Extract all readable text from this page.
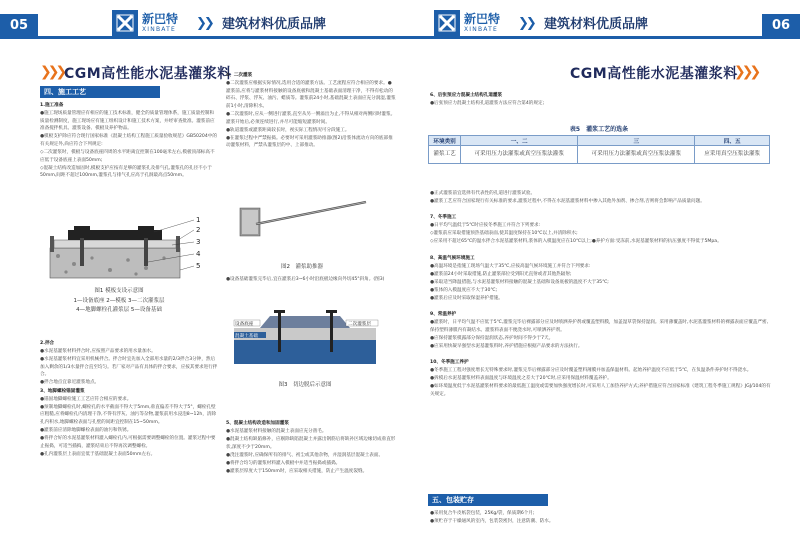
05	新巴特
XINBATE ❯❯ 建筑材料优质品牌
❯❯❯ CGM高性能水泥基灌浆料
四、施工工艺

1.施工准备

●施工现场质量管理应有相应的施工技术标准，健全的质量管理体系，施工质量控制和质量检测制度，施工现场应有施工组织设计和施工技术方案，并经审查批准。灌浆前应准备搅拌机具、灌浆设备、模板及养护物品。

●模板支护除应符合现行国家标准《混凝土结构工程施工质量验收规范》GB50204中的有关规定外,尚应符合下列规定:

◇二次灌浆时，模板与设备底座四周的水平距离宜控制在100毫米左右,模板顶部标高不应低于设备底座上表面50mm;

◇混凝土结构改造加固时,模板支护应按有足够的灌浆孔及排气孔,灌浆孔的孔径不小于50mm,间距不超过100mm,灌浆孔与排气孔应高于孔洞最高点50mm。

1
2
3
4
5
图1 模板支设示意图
1—设备底座 2—模板 3—二次灌浆层
4—地脚螺栓孔灌浆层 5—设备基础

2.拌合

●水泥基灌浆材料拌合时,应按照产品要求的用水量加水。

●水泥基灌浆材料宜采用机械拌合。拌合时宜先加入全部用水量的2/3拌合3分钟，然后加入剩余的1/3水量拌合直至均匀。若厂家对产品有具体的拌合要求，应按其要求进行拌合。

●拌合地点宜靠近灌浆地点。

3、地脚螺栓锚固灌浆

●锚固地脚螺栓施工工艺应符合相应的要求。

●预制地脚螺栓孔时,螺栓孔的水平截面不得大于5mm,垂直偏差不得大于5°，螺栓孔壁应粗糙,应将螺栓孔内清理干净,不得有浮灰、油污等杂物,灌浆前用水浸泡8~12h，清除孔内积水,地脚螺栓表面与孔壁的间距宜控制在15~50mm。

●灌浆前应清除地脚螺栓表面的油污和铁锈。

●将拌合好的水泥基灌浆材料灌入螺栓孔内,可根据需要调整螺栓的位置。灌浆过程中要止振捣，可适当插捣，灌浆结束后不得再次调整螺栓。

●孔内灌浆层上表面宜低于基础混凝土表面50mm左右。

4、二次灌浆

●二次灌浆应根据实际情况,选用合适的灌浆方法。工艺流程应符合相应的要求。●灌浆前,应将与灌浆材料接触的设备底板和混凝土基础表面清理干净，不得有松动的碎石、浮浆、浮灰、油污、蜡质等。灌浆前24小时,基础混凝土表面应充分润湿,灌浆前1小时,清除积水。

●二次灌浆时,应从一侧进行灌浆,直至从另一侧溢出为止,不得从相对两侧同时灌浆。灌浆开始后,必须连续进行,并尽可能缩短灌浆时间。

●轨道灌浆或灌浆距离较长时，视实际工程情况可分段施工。

●在灌浆过程中严禁振捣。必要时可采用灌浆助推器(图2)沿浆体流动方向的底部推动灌浆材料，严禁从灌浆层的中、上部推动。

图2　灌浆助推器

●设备基础灌浆完毕后,宜在灌浆后3~6小时沿底板边缘向外切45°斜角。(图3)

设备底座
混凝土基础
二次灌浆层
图3　切边脱后示意图

5、混凝土结构改造和加固灌浆

●水泥基灌浆材料接触的混凝土表面应充分凿毛。

●混凝土结构缺陷修补，应剔除缺陷混凝土并露出钢筋后将缺补区域边缘切成垂直形状,深度不少于20mm。

●浇注灌浆时,应确保所有的排气、初尘或其他杂物，并湿润基层混凝土表面。

●将拌合均匀的灌浆材料灌入模板中并适当振捣或插捣。

●灌浆层厚度大于150mm时，应采取相关措施，防止产生温度裂缝。

新巴特
XINBATE ❯❯ 建筑材料优质品牌	06
CGM高性能水泥基灌浆料
❯❯❯

6、后张预应力混凝土结构孔道灌浆

●后张预应力混凝土结构孔道灌浆方法应符合第4的规定;

表5　灌浆工艺的选条
环境类别	一、二	三	四、五
灌浆工艺	可采用压力法灌浆或真空压浆法灌浆	可采用压力法灌浆或真空压浆法灌浆	应采用真空压浆法灌浆

●正式灌浆前宜选择有代表性的孔道进行灌浆试验。

●灌浆工艺应符合国家现行有关标准的要求,灌浆过程中,不得在水泥基灌浆材料中掺入其他外加剂、掺合剂,否则将会影响产品质量问题。

7、冬季施工

●日平均气温低于5℃时应按冬季施工并符合下列要求:

◇灌浆前应采取措施预热基础表面,使其温度保持在10℃以上,并清除积水;

◇应采用不超过65℃的温水拌合水泥基灌浆材料,浆体的入模温度应在10℃以上;●养护方面:受冻前,水泥基灌浆材料的抗压强度不得低于5Mpa。

8、高温气候环境施工

●高温环境是指施工现场气温大于35℃,应按高温气候环境施工并符合下列要求:

●灌浆前24小时采取措施,防止灌浆部位受到阳光直射或者其他热辐射;

●采取适当降温措施,与水泥基灌浆材料接触的混凝土基础和设备底板的温度不大于35℃;

●浆体的入模温度应不大于30℃;

●灌浆后应及时采取保湿养护措施。

9、常温养护

●灌浆时，日平均气温不应低于5℃,灌浆完毕后裸露部分应及时喷洒养护剂或覆盖塑料膜，加盖湿草袋保持湿润。采用薄覆盖时,水泥基灌浆材料的裸露表面应覆盖严密,保持塑料薄膜内有凝结水。灌浆料表面不便浇水时,可喷洒养护剂。

●应保持灌浆模露部分保持湿润状态,养护时间不得少于7天。

●应采用快凝早强型水泥基灌浆料时,养护措施应根据产品要求的方法执行。

10、冬季施工养护

●冬季施工工程对强度增长无特殊要求时,灌浆完毕后裸露部分应及时覆盖塑料薄膜并加盖保温材料。起始养护温度不应低于5℃，在负温条件养护时不得浇水。

●拆模后水泥基灌浆材料表面温度与环境温度之差大于20℃时,应采用保温材料覆盖养护。

●如环境温度低于水泥基灌浆材料要求的最低施工温度或需要加快强度增长时,可采用人工加热养护方式;养护措施应符合国家标准《建筑工程冬季施工规程》JGJ/104的有关规定。

五、包装贮存

●采用复合牛皮纸袋包装，25Kg/袋，保质期6个月;

●须贮存于干燥通风的室内，包装袋密封，注意防潮、防水。
